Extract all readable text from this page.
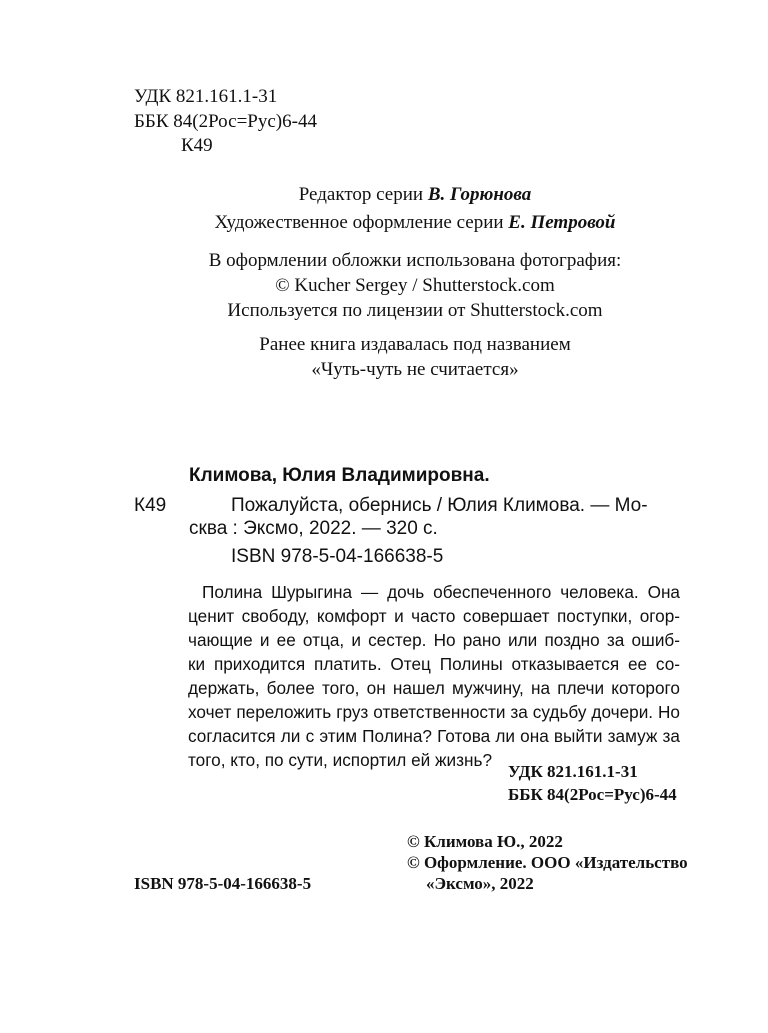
УДК 821.161.1-31
ББК 84(2Рос=Рус)6-44
К49
Редактор серии В. Горюнова
Художественное оформление серии Е. Петровой
В оформлении обложки использована фотография:
© Kucher Sergey / Shutterstock.com
Используется по лицензии от Shutterstock.com
Ранее книга издавалась под названием
«Чуть-чуть не считается»
Климова, Юлия Владимировна.
К49	Пожалуйста, обернись / Юлия Климова. — Мо-
сква : Эксмо, 2022. — 320 с.
ISBN 978-5-04-166638-5
Полина Шурыгина — дочь обеспеченного человека. Она
ценит свободу, комфорт и часто совершает поступки, огор-
чающие и ее отца, и сестер. Но рано или поздно за ошиб-
ки приходится платить. Отец Полины отказывается ее со-
держать, более того, он нашел мужчину, на плечи которого
хочет переложить груз ответственности за судьбу дочери. Но
согласится ли с этим Полина? Готова ли она выйти замуж за
того, кто, по сути, испортил ей жизнь?
УДК 821.161.1-31
ББК 84(2Рос=Рус)6-44
© Климова Ю., 2022
© Оформление. ООО «Издательство
«Эксмо», 2022
ISBN 978-5-04-166638-5
